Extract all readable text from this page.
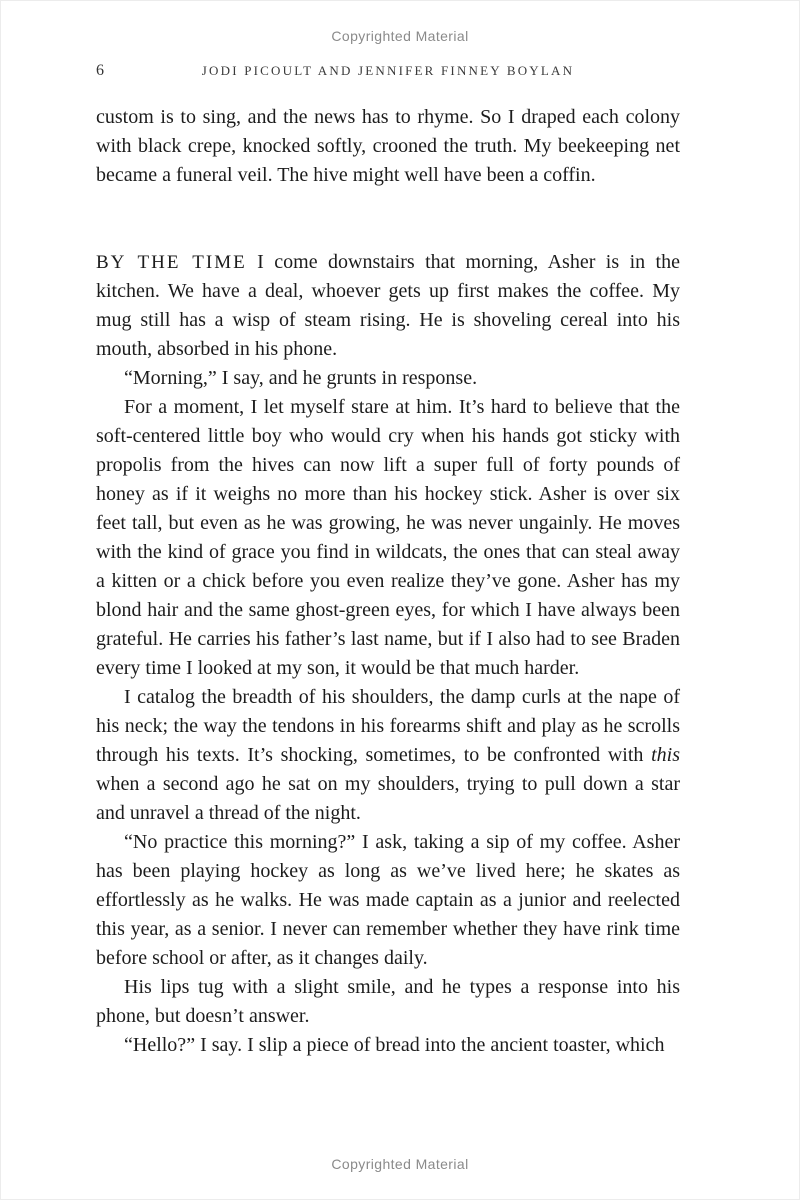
Copyrighted Material
6	JODI PICOULT AND JENNIFER FINNEY BOYLAN

custom is to sing, and the news has to rhyme. So I draped each colony with black crepe, knocked softly, crooned the truth. My beekeeping net became a funeral veil. The hive might well have been a coffin.

BY THE TIME I come downstairs that morning, Asher is in the kitchen. We have a deal, whoever gets up first makes the coffee. My mug still has a wisp of steam rising. He is shoveling cereal into his mouth, absorbed in his phone.

“Morning,” I say, and he grunts in response.

For a moment, I let myself stare at him. It’s hard to believe that the soft-centered little boy who would cry when his hands got sticky with propolis from the hives can now lift a super full of forty pounds of honey as if it weighs no more than his hockey stick. Asher is over six feet tall, but even as he was growing, he was never ungainly. He moves with the kind of grace you find in wildcats, the ones that can steal away a kitten or a chick before you even realize they’ve gone. Asher has my blond hair and the same ghost-green eyes, for which I have always been grateful. He carries his father’s last name, but if I also had to see Braden every time I looked at my son, it would be that much harder.

I catalog the breadth of his shoulders, the damp curls at the nape of his neck; the way the tendons in his forearms shift and play as he scrolls through his texts. It’s shocking, sometimes, to be confronted with this when a second ago he sat on my shoulders, trying to pull down a star and unravel a thread of the night.

“No practice this morning?” I ask, taking a sip of my coffee. Asher has been playing hockey as long as we’ve lived here; he skates as effortlessly as he walks. He was made captain as a junior and reelected this year, as a senior. I never can remember whether they have rink time before school or after, as it changes daily.

His lips tug with a slight smile, and he types a response into his phone, but doesn’t answer.

“Hello?” I say. I slip a piece of bread into the ancient toaster, which

Copyrighted Material
